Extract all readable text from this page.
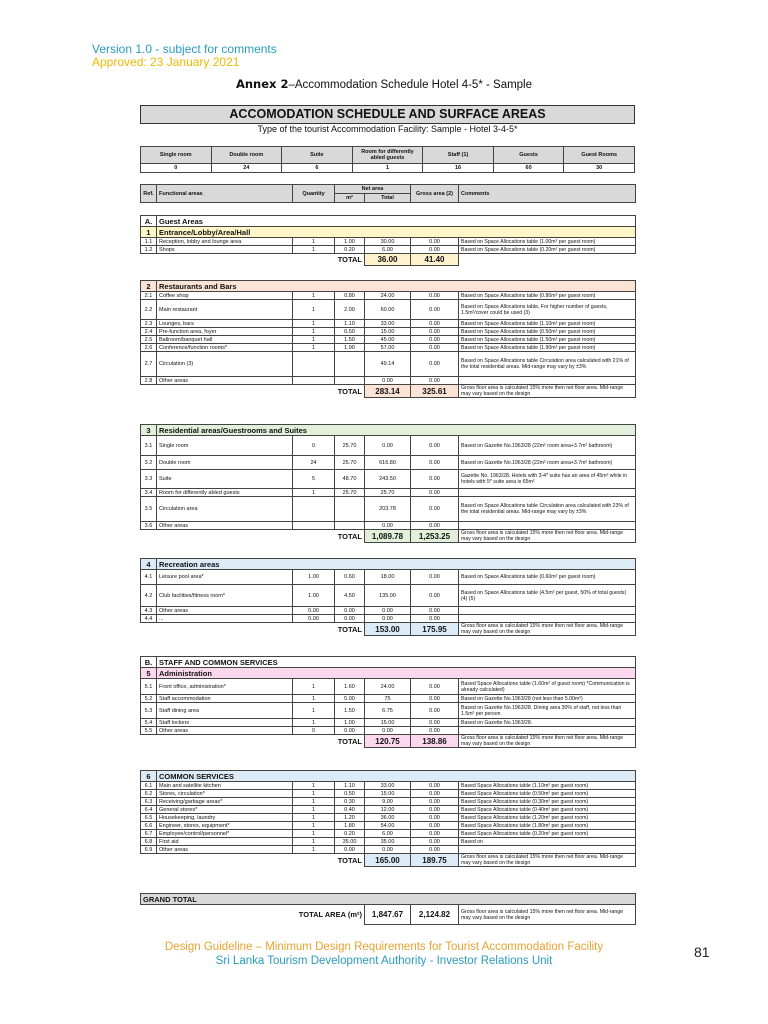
Version 1.0 - subject for comments
Approved: 23 January 2021
Annex 2–Accommodation Schedule Hotel 4-5* - Sample
ACCOMODATION SCHEDULE AND SURFACE AREAS
Type of the tourist Accommodation Facility: Sample - Hotel 3-4-5*
Single room	Double room	Suite	Room for differently abled guests	Staff (1)	Guests	Guest Rooms
0	24	6	1	16	60	30
Ref.	Functional areas	Quantity	Net area		Gross area (2)	Comments
			m²	Total		
A.	Guest Areas					
1	Entrance/Lobby/Area/Hall					
1.1	Reception, lobby and lounge area	1	1.00	30.00	0.00	Based on Space Allocations table (1.00m² per guest room)
1.2	Shops	1	0.20	6.00	0.00	Based on Space Allocations table (0.20m² per guest room)
TOTAL				36.00	41.40	
2	Restaurants and Bars					
2.1	Coffee shop	1	0.80	24.00	0.00	Based on Space Allocations table (0.80m² per guest room)
2.2	Main restaurant	1	2.00	60.00	0.00	Based on Space Allocations table, For higher number of guests, 1.5m²/cover could be used (3)
2.3	Lounges, bars	1	1.10	33.00	0.00	Based on Space Allocations table (1.10m² per guest room)
2.4	Pre-function area, foyer	1	0.50	15.00	0.00	Based on Space Allocations table (0.50m² per guest room)
2.5	Ballroom/banquet hall	1	1.50	45.00	0.00	Based on Space Allocations table (1.50m² per guest room)
2.6	Conference/function rooms*	1	1.90	57.00	0.00	Based on Space Allocations table (1.90m² per guest room)
2.7	Circulation (3)			49.14	0.00	Based on Space Allocations table Circulation area calculated with 21% of the total residential areas. Mid-range may vary by ±3%
2.8	Other areas			0.00	0.00	
TOTAL				283.14	325.61	Gross floor area is calculated 15% more then net floor area. Mid-range may vary based on the design
3	Residential areas/Guestrooms and Suites					
3.1	Single room	0	25.70	0.00	0.00	Based on Gazette No.1963/28 (22m² room area+3.7m² bathroom)
3.2	Double room	24	25.70	616.80	0.00	Based on Gazette No.1963/28 (22m² room area+3.7m² bathroom)
3.3	Suite	5	48.70	243.50	0.00	Gazette No. 1963/28. Hotels with 3-4* suite has an area of 45m² while in hotels with 5* suite area is 65m²
3.4	Room for differently abled guests	1	25.70	25.70	0.00	
3.5	Circulation area			203.78	0.00	Based on Space Allocations table Circulation area calculated with 23% of the total residential areas. Mid-range may vary by ±3%
3.6	Other areas			0.00	0.00	
TOTAL				1,089.78	1,253.25	Gross floor area is calculated 15% more then net floor area. Mid-range may vary based on the design
4	Recreation areas					
4.1	Leisure pool area*	1.00	0.60	18.00	0.00	Based on Space Allocations table (0.60m² per guest room)
4.2	Club facilities/fitness room*	1.00	4.50	135.00	0.00	Based on Space Allocations table (4.5m² per guest, 50% of total guests) (4) (5)
4.3	Other areas	0.00	0.00	0.00	0.00	
4.4	...	0.00	0.00	0.00	0.00	
TOTAL				153.00	175.95	Gross floor area is calculated 15% more then net floor area. Mid-range may vary based on the design
B.	STAFF AND COMMON SERVICES					
5	Administration					
5.1	Front office, administration*	1	1.60	24.00	0.00	Based Space Allocations table (1.60m² of guest room) *Communication is already calculated)
5.2	Staff accommodation	1	5.00	75	0.00	Based on Gazette No.1963/28 (not less than 5.00m²)
5.3	Staff dining area	1	1.50	6.75	0.00	Based on Gazette No.1963/28. Dining area 30% of staff, not less than 1.5m² per person
5.4	Staff lockers	1	1.00	15.00	0.00	Based on Gazette No.1963/28.
5.5	Other areas	0	0.00	0.00	0.00	
TOTAL				120.75	138.86	Gross floor area is calculated 15% more then net floor area. Mid-range may vary based on the design
6	COMMON SERVICES					
6.1	Main and satellite kitchen	1	1.10	33.00	0.00	Based Space Allocations table (1.10m² per guest room)
6.2	Stores, circulation*	1	0.50	15.00	0.00	Based Space Allocations table (0.50m² per guest room)
6.3	Receiving/garbage areas*	1	0.30	9.00	0.00	Based Space Allocations table (0.30m² per guest room)
6.4	General stores*	1	0.40	12.00	0.00	Based Space Allocations table (0.40m² per guest room)
6.5	Housekeeping, laundry	1	1.20	36.00	0.00	Based Space Allocations table (1.20m² per guest room)
6.6	Engineer, stores, equipment*	1	1.80	54.00	0.00	Based Space Allocations table (1.80m² per guest room)
6.7	Employee/control/personnel*	1	0.20	6.00	0.00	Based Space Allocations table (0.20m² per guest room)
6.8	First aid	1	35.00	35.00	0.00	Based on
6.9	Other areas	1	0.00	0.00	0.00	
TOTAL				165.00	189.75	Gross floor area is calculated 15% more then net floor area. Mid-range may vary based on the design
GRAND TOTAL
TOTAL AREA (m²)	1,847.67	2,124.82	Gross floor area is calculated 15% more then net floor area. Mid-range may vary based on the design
Design Guideline – Minimum Design Requirements for Tourist Accommodation Facility
Sri Lanka Tourism Development Authority - Investor Relations Unit
81
